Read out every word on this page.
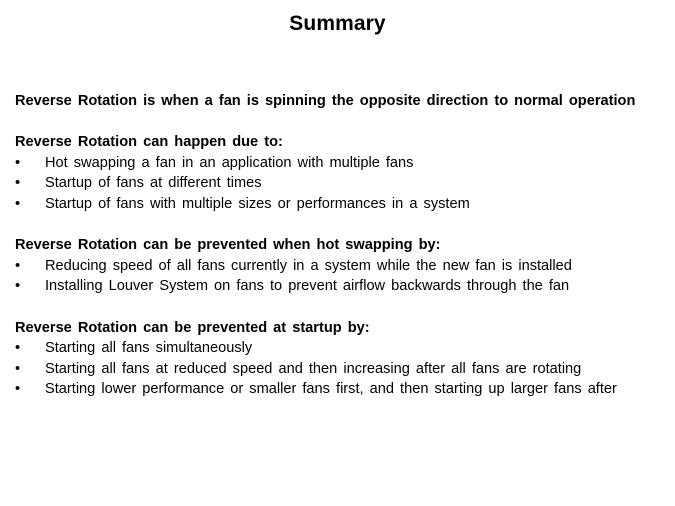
Summary

Reverse Rotation is when a fan is spinning the opposite direction to normal operation

Reverse Rotation can happen due to:

•	Hot swapping a fan in an application with multiple fans
•	Startup of fans at different times
•	Startup of fans with multiple sizes or performances in a system

Reverse Rotation can be prevented when hot swapping by:

•	Reducing speed of all fans currently in a system while the new fan is installed
•	Installing Louver System on fans to prevent airflow backwards through the fan

Reverse Rotation can be prevented at startup by:

•	Starting all fans simultaneously
•	Starting all fans at reduced speed and then increasing after all fans are rotating
•	Starting lower performance or smaller fans first, and then starting up larger fans after
